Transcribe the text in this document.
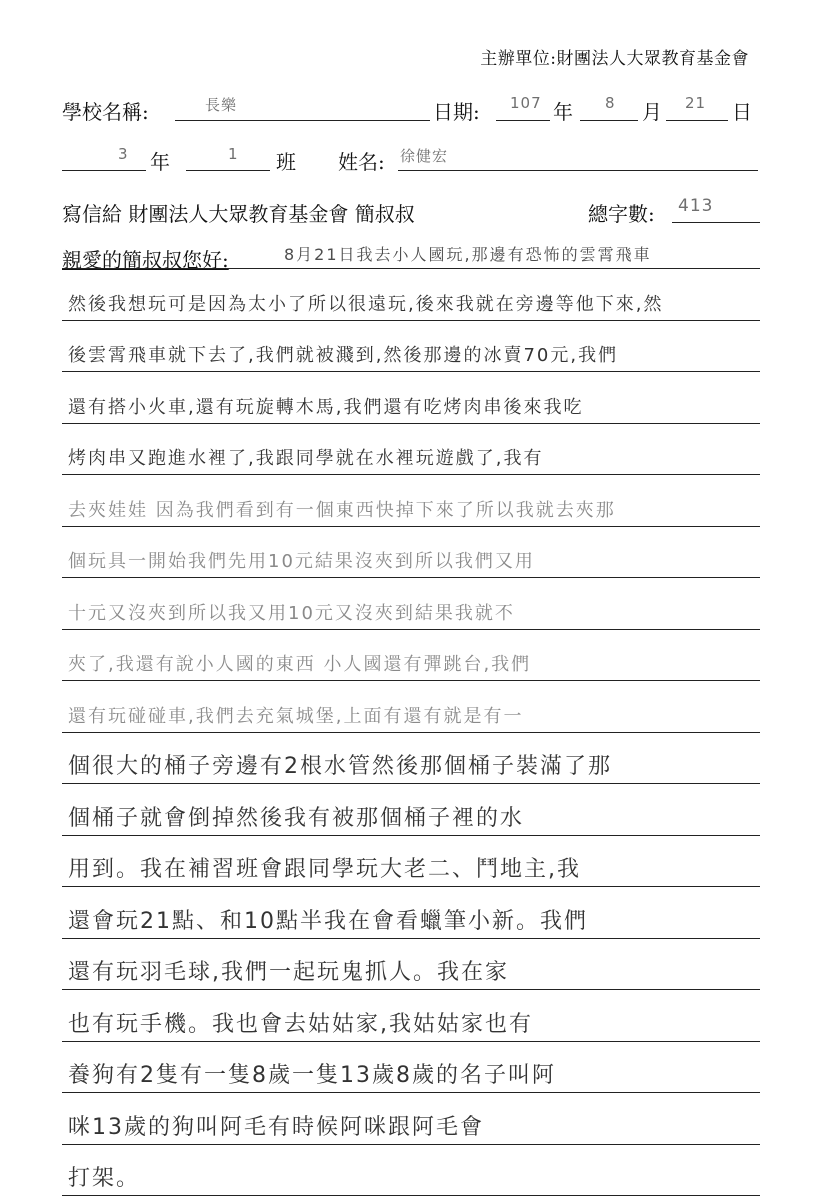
主辦單位:財團法人大眾教育基金會
學校名稱:	長樂	日期: 107 年 8 月 21 日
3 年	1 班 姓名: 徐健宏
寫信給 財團法人大眾教育基金會 簡叔叔	總字數: 413
親愛的簡叔叔您好:	8月21日我去小人國玩,那邊有恐怖的雲霄飛車
然後我想玩可是因為太小了所以很遠玩,後來我就在旁邊等他下來,然
後雲霄飛車就下去了,我們就被濺到,然後那邊的冰賣70元,我們
還有搭小火車,還有玩旋轉木馬,我們還有吃烤肉串後來我吃
烤肉串又跑進水裡了,我跟同學就在水裡玩遊戲了,我有
去夾娃娃 因為我們看到有一個東西快掉下來了所以我就去夾那
個玩具一開始我們先用10元結果沒夾到所以我們又用
十元又沒夾到所以我又用10元又沒夾到結果我就不
夾了,我還有說小人國的東西 小人國還有彈跳台,我們
還有玩碰碰車,我們去充氣城堡,上面有還有就是有一
個很大的桶子旁邊有2根水管然後那個桶子裝滿了那
個桶子就會倒掉然後我有被那個桶子裡的水
用到。我在補習班會跟同學玩大老二、鬥地主,我
還會玩21點、和10點半我在會看蠟筆小新。我們
還有玩羽毛球,我們一起玩鬼抓人。我在家
也有玩手機。我也會去姑姑家,我姑姑家也有
養狗有2隻有一隻8歲一隻13歲8歲的名子叫阿
咪13歲的狗叫阿毛有時候阿咪跟阿毛會
打架。
